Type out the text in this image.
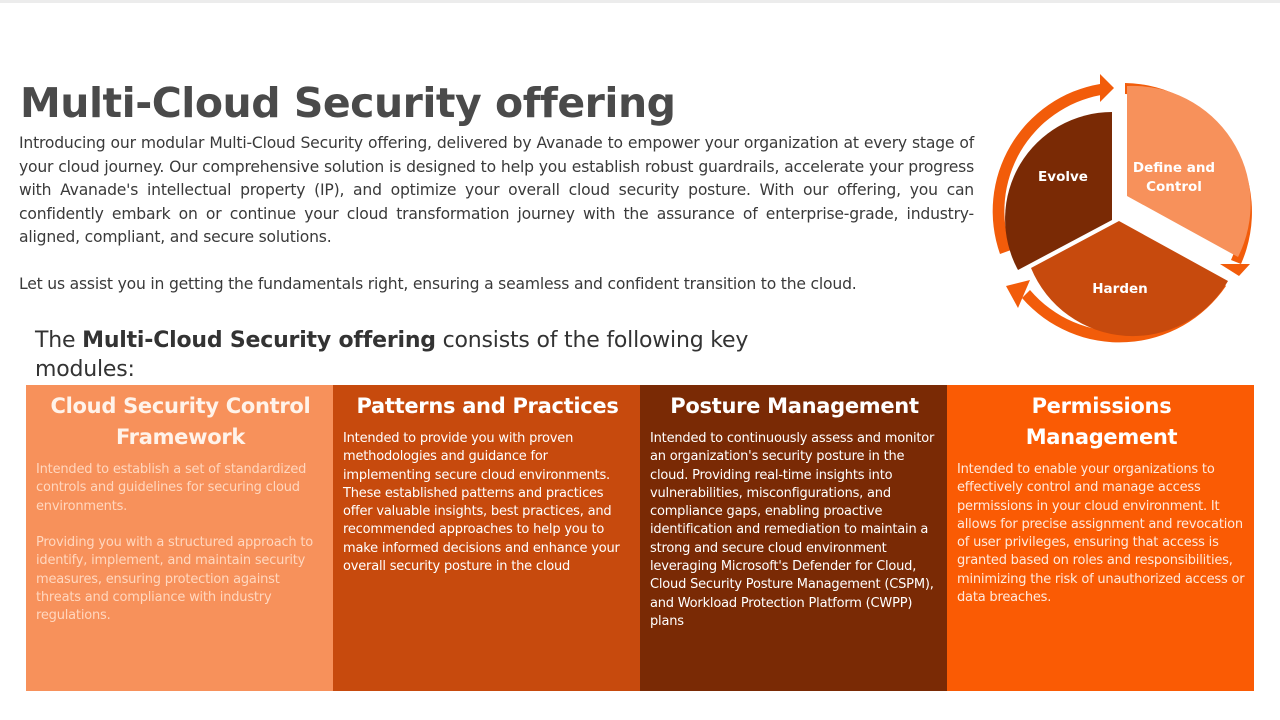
Multi-Cloud Security offering

Introducing our modular Multi-Cloud Security offering, delivered by Avanade to empower your organization at every stage of your cloud journey. Our comprehensive solution is designed to help you establish robust guardrails, accelerate your progress with Avanade's intellectual property (IP), and optimize your overall cloud security posture. With our offering, you can confidently embark on or continue your cloud transformation journey with the assurance of enterprise-grade, industry-aligned, compliant, and secure solutions.

Let us assist you in getting the fundamentals right, ensuring a seamless and confident transition to the cloud.

Evolve
Define and
Control
Harden
The Multi-Cloud Security offering consists of the following key modules:
Cloud Security Control Framework
Intended to establish a set of standardized controls and guidelines for securing cloud environments.

Providing you with a structured approach to identify, implement, and maintain security measures, ensuring protection against threats and compliance with industry regulations.
Patterns and Practices
Intended to provide you with proven methodologies and guidance for implementing secure cloud environments. These established patterns and practices offer valuable insights, best practices, and recommended approaches to help you to make informed decisions and enhance your overall security posture in the cloud
Posture Management
Intended to continuously assess and monitor an organization's security posture in the cloud. Providing real-time insights into vulnerabilities, misconfigurations, and compliance gaps, enabling proactive identification and remediation to maintain a strong and secure cloud environment leveraging Microsoft's Defender for Cloud, Cloud Security Posture Management (CSPM), and Workload Protection Platform (CWPP) plans
Permissions Management
Intended to enable your organizations to effectively control and manage access permissions in your cloud environment. It allows for precise assignment and revocation of user privileges, ensuring that access is granted based on roles and responsibilities, minimizing the risk of unauthorized access or data breaches.
